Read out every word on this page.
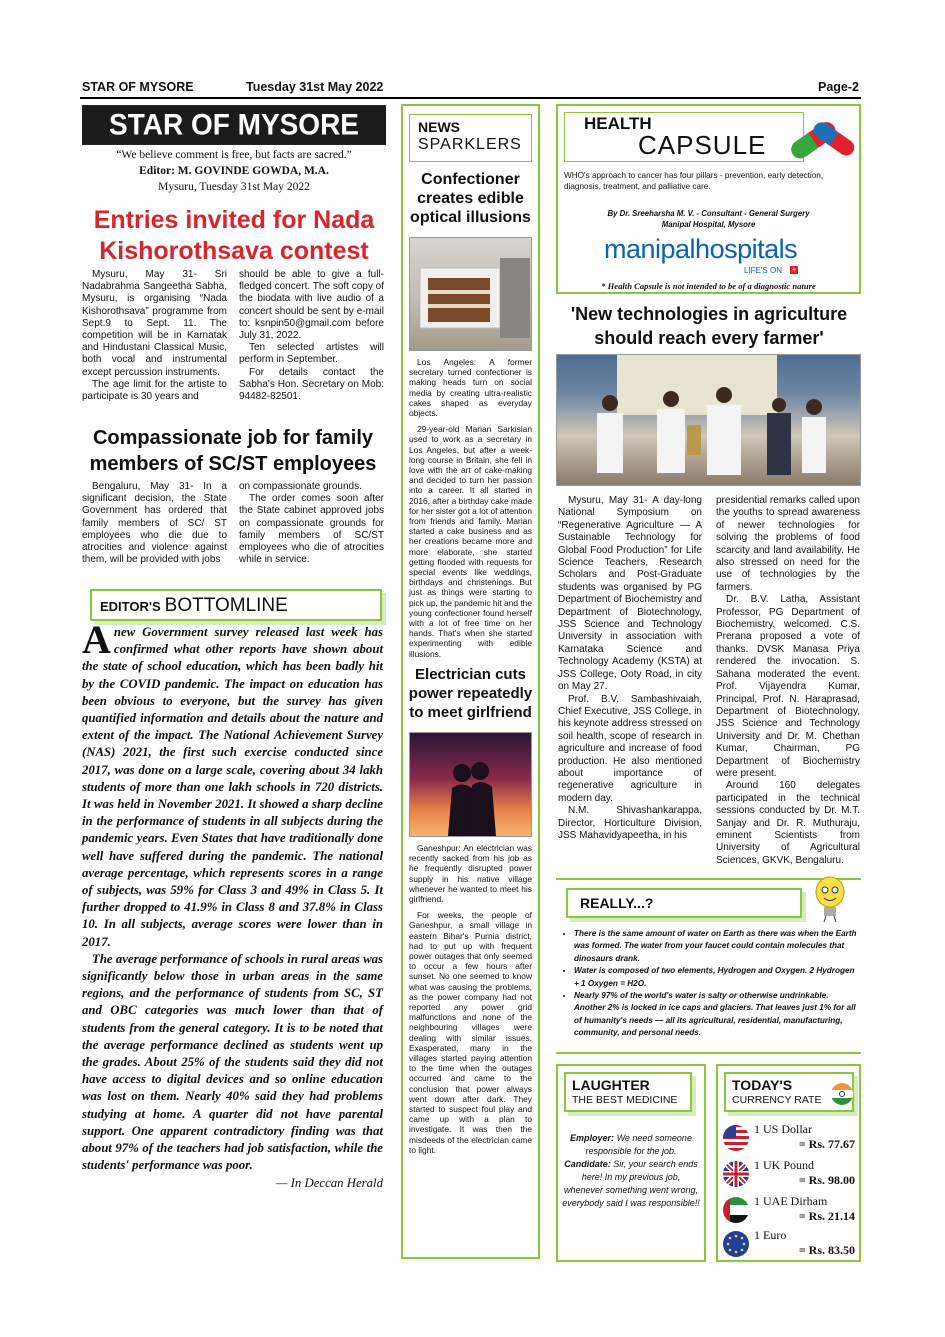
STAR OF MYSORE	Tuesday 31st May 2022	Page-2
STAR OF MYSORE
“We believe comment is free, but facts are sacred.”
Editor: M. GOVINDE GOWDA, M.A.
Mysuru, Tuesday 31st May 2022
Entries invited for Nada Kishorothsava contest

Mysuru, May 31- Sri Nadabrahma Sangeetha Sabha, Mysuru, is organising “Nada Kishorothsava” programme from Sept.9 to Sept. 11. The competition will be in Karnatak and Hindustani Classical Music, both vocal and instrumental except percussion instruments.

The age limit for the artiste to participate is 30 years and

should be able to give a full-fledged concert. The soft copy of the biodata with live audio of a concert should be sent by e-mail to: ksnpin50@gmail.com before July 31, 2022.

Ten selected artistes will perform in September.

For details contact the Sabha's Hon. Secretary on Mob: 94482-82501.

Compassionate job for family members of SC/ST employees

Bengaluru, May 31- In a significant decision, the State Government has ordered that family members of SC/ ST employees who die due to atrocities and violence against them, will be provided with jobs

on compassionate grounds.

The order comes soon after the State cabinet approved jobs on compassionate grounds for family members of SC/ST employees who die of atrocities while in service.

EDITOR'S BOTTOMLINE

Anew Government survey released last week has confirmed what other reports have shown about the state of school education, which has been badly hit by the COVID pandemic. The impact on education has been obvious to everyone, but the survey has given quantified information and details about the nature and extent of the impact. The National Achievement Survey (NAS) 2021, the first such exercise conducted since 2017, was done on a large scale, covering about 34 lakh students of more than one lakh schools in 720 districts. It was held in November 2021. It showed a sharp decline in the performance of students in all subjects during the pandemic years. Even States that have traditionally done well have suffered during the pandemic. The national average percentage, which represents scores in a range of subjects, was 59% for Class 3 and 49% in Class 5. It further dropped to 41.9% in Class 8 and 37.8% in Class 10. In all subjects, average scores were lower than in 2017.

The average performance of schools in rural areas was significantly below those in urban areas in the same regions, and the performance of students from SC, ST and OBC categories was much lower than that of students from the general category. It is to be noted that the average performance declined as students went up the grades. About 25% of the students said they did not have access to digital devices and so online education was lost on them. Nearly 40% said they had problems studying at home. A quarter did not have parental support. One apparent contradictory finding was that about 97% of the teachers had job satisfaction, while the students' performance was poor.

— In Deccan Herald

NEWS
SPARKLERS
Confectioner creates edible optical illusions

Los Angeles: A former secretary turned confectioner is making heads turn on social media by creating ultra-realistic cakes shaped as everyday objects.

29-year-old Marian Sarkisian used to work as a secretary in Los Angeles, but after a week-long course in Britain, she fell in love with the art of cake-making and decided to turn her passion into a career. It all started in 2016, after a birthday cake made for her sister got a lot of attention from friends and family. Marian started a cake business and as her creations became more and more elaborate, she started getting flooded with requests for special events like weddings, birthdays and christenings. But just as things were starting to pick up, the pandemic hit and the young confectioner found herself with a lot of free time on her hands. That's when she started experimenting with edible illusions.

Electrician cuts power repeatedly to meet girlfriend

Ganeshpur: An electrician was recently sacked from his job as he frequently disrupted power supply in his native village whenever he wanted to meet his girlfriend.

For weeks, the people of Ganeshpur, a small village in eastern Bihar's Purnia district, had to put up with frequent power outages that only seemed to occur a few hours after sunset. No one seemed to know what was causing the problems, as the power company had not reported any power grid malfunctions and none of the neighbouring villages were dealing with similar issues. Exasperated, many in the villages started paying attention to the time when the outages occurred and came to the conclusion that power always went down after dark. They started to suspect foul play and came up with a plan to investigate. It was then the misdeeds of the electrician came to light.

HEALTH
CAPSULE
WHO's approach to cancer has four pillars - prevention, early detection, diagnosis, treatment, and palliative care.
By Dr. Sreeharsha M. V. - Consultant - General Surgery
Manipal Hospital, Mysore
manipalhospitals
LIFE'S ON +
* Health Capsule is not intended to be of a diagnostic nature
'New technologies in agriculture should reach every farmer'

Mysuru, May 31- A day-long National Symposium on “Regenerative Agriculture — A Sustainable Technology for Global Food Production” for Life Science Teachers, Research Scholars and Post-Graduate students was organised by PG Department of Biochemistry and Department of Biotechnology, JSS Science and Technology University in association with Karnataka Science and Technology Academy (KSTA) at JSS College, Ooty Road, in city on May 27.

Prof. B.V. Sambashivaiah, Chief Executive, JSS College, in his keynote address stressed on soil health, scope of research in agriculture and increase of food production. He also mentioned about importance of regenerative agriculture in modern day.

N.M. Shivashankarappa, Director, Horticulture Division, JSS Mahavidyapeetha, in his

presidential remarks called upon the youths to spread awareness of newer technologies for solving the problems of food scarcity and land availability. He also stressed on need for the use of technologies by the farmers.

Dr. B.V. Latha, Assistant Professor, PG Department of Biochemistry, welcomed. C.S. Prerana proposed a vote of thanks. DVSK Manasa Priya rendered the invocation. S. Sahana moderated the event. Prof. Vijayendra Kumar, Principal, Prof. N. Haraprasad, Department of Biotechnology, JSS Science and Technology University and Dr. M. Chethan Kumar, Chairman, PG Department of Biochemistry were present.

Around 160 delegates participated in the technical sessions conducted by Dr. M.T. Sanjay and Dr. R. Muthuraju, eminent Scientists from University of Agricultural Sciences, GKVK, Bengaluru.

REALLY...?
• There is the same amount of water on Earth as there was when the Earth was formed. The water from your faucet could contain molecules that dinosaurs drank.
• Water is composed of two elements, Hydrogen and Oxygen. 2 Hydrogen + 1 Oxygen = H2O.
• Nearly 97% of the world's water is salty or otherwise undrinkable. Another 2% is locked in ice caps and glaciers. That leaves just 1% for all of humanity's needs — all its agricultural, residential, manufacturing, community, and personal needs.
LAUGHTER
THE BEST MEDICINE
Employer: We need someone responsible for the job.
Candidate: Sir, your search ends here! In my previous job, whenever something went wrong, everybody said I was responsible!!
TODAY'S
CURRENCY RATE
1 US Dollar
= Rs. 77.67
1 UK Pound
= Rs. 98.00
1 UAE Dirham
= Rs. 21.14
1 Euro
= Rs. 83.50
